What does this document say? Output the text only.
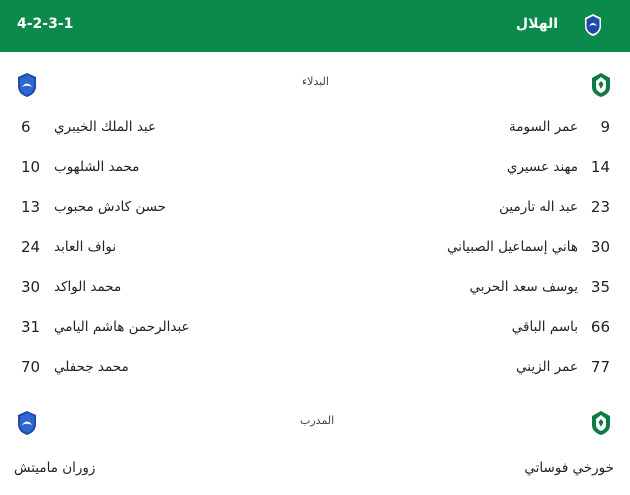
4-2-3-1	الهلال
البدلاء
9
عمر السومة
14
مهند عسيري
23
عبد اله تارمين
30
هاني إسماعيل الصبياني
35
يوسف سعد الحربي
66
باسم الباقي
77
عمر الزيني
6 عبد الملك الخيبري
10 محمد الشلهوب
13 حسن كادش محبوب
24 نواف العابد
30 محمد الواكد
31 عبدالرحمن هاشم اليامي
70 محمد جحفلي
المدرب
خورخي فوساتي
زوران ماميتش
